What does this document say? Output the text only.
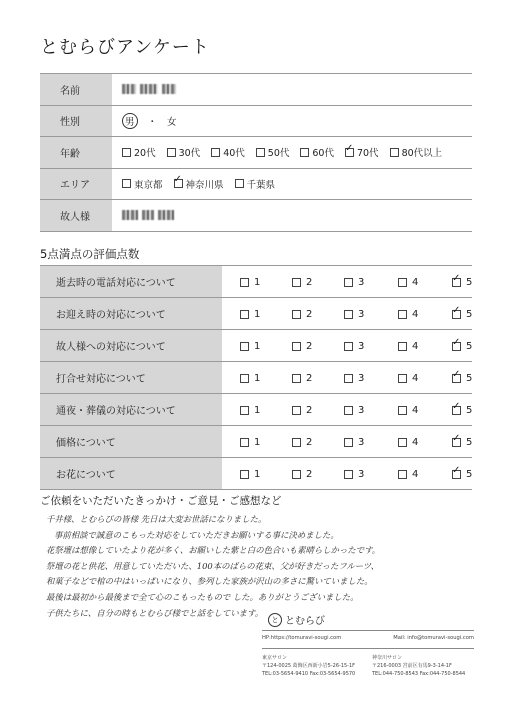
とむらびアンケート
名前
性別	男	・ 女
年齢	20代 30代 40代 50代 60代 ✓ 70代 80代以上
エリア	東京都 ✓ 神奈川県 千葉県
故人様
5点満点の評価点数
逝去時の電話対応について	1	2	3	4 ✓	5
お迎え時の対応について	1	2	3	4 ✓	5
故人様への対応について	1	2	3	4 ✓	5
打合せ対応について	1	2	3	4 ✓	5
通夜・葬儀の対応について	1	2	3	4 ✓	5
価格について	1	2	3	4 ✓	5
お花について	1	2	3	4 ✓	5
ご依頼をいただいたきっかけ・ご意見・ご感想など
千井様、とむらびの皆様 先日は大変お世話になりました。
事前相談で誠意のこもった対応をしていただきお願いする事に決めました。
花祭壇は想像していたより花が多く、お願いした紫と白の色合いも素晴らしかったです。
祭壇の花と供花、用意していただいた、100本のばらの花束、父が好きだったフルーツ、
和菓子などで棺の中はいっぱいになり、参列した家族が沢山の多さに驚いていました。
最後は最初から最後まで全て心のこもったもので した。ありがとうございました。
子供たちに、自分の時もとむらび様でと話をしています。
と とむらび
HP:https://tomuravi-sougi.com	Mail: info@tomuravi-sougi.com
東京サロン
〒124-0025 葛飾区西新小岩5-26-15-1F
TEL:03-5654-9410 Fax:03-5654-9570
神奈川サロン
〒216-0003 宮前区有馬9-3-14-1F
TEL:044-750-8543 Fax:044-750-8544
